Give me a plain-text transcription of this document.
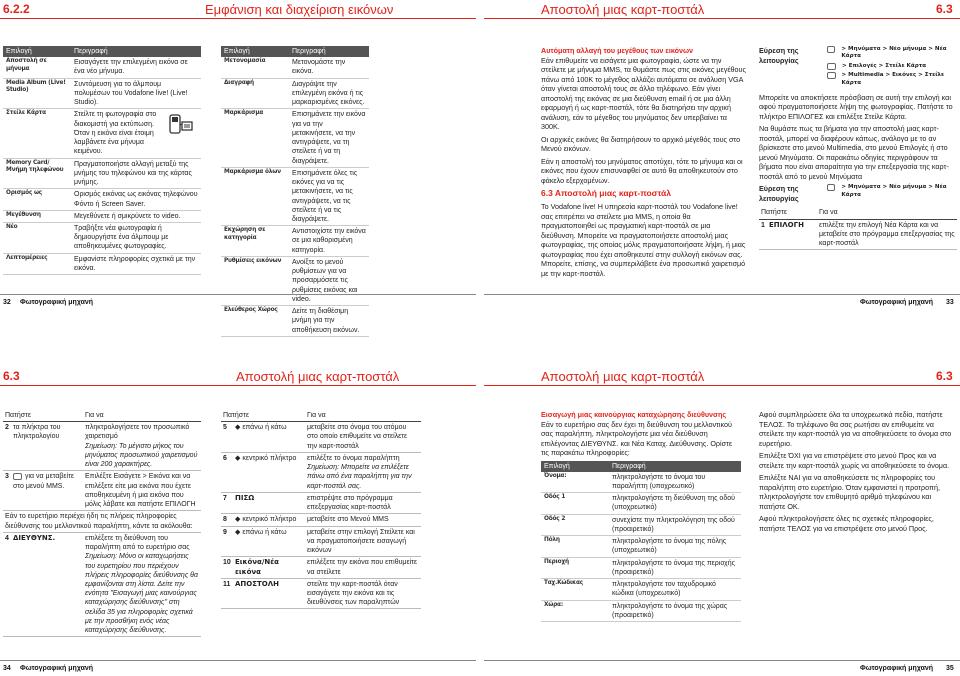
6.2.2	Εμφάνιση και διαχείριση εικόνων	Αποστολή μιας καρτ-ποστάλ	6.3
Επιλογή	Περιγραφή
Αποστολή σε μήνυμα	Εισαγάγετε την επιλεγμένη εικόνα σε ένα νέο μήνυμα.
Media Album (Live! Studio)	Συντόμευση για το άλμπουμ πολυμέσων του Vodafone live! (Live! Studio).
Στείλε Κάρτα	Στείλτε τη φωτογραφία στο διακομιστή για εκτύπωση. Όταν η εικόνα είναι έτοιμη λαμβάνετε ένα μήνυμα κειμένου.
Memory Card/Μνήμη τηλεφώνου	Πραγματοποιήστε αλλαγή μεταξύ της μνήμης του τηλεφώνου και της κάρτας μνήμης.
Ορισμός ως	Ορισμός εικόνας ως εικόνας τηλεφώνου Φόντο ή Screen Saver.
Μεγέθυνση	Μεγεθύνετε ή σμικρύνετε το video.
Νέο	Τραβήξτε νέα φωτογραφία ή δημιουργήστε ένα άλμπουμ με αποθηκευμένες φωτογραφίες.
Λεπτομέρειες	Εμφανίστε πληροφορίες σχετικά με την εικόνα.
Επιλογή	Περιγραφή
Μετονομασία	Μετονομάστε την εικόνα.
Διαγραφή	Διαγράψτε την επιλεγμένη εικόνα ή τις μαρκαρισμένες εικόνες.
Μαρκάρισμα	Επισημάνετε την εικόνα για να την μετακινήσετε, να την αντιγράψετε, να τη στείλετε ή να τη διαγράψετε.
Μαρκάρισμα όλων	Επισημάνετε όλες τις εικόνες για να τις μετακινήσετε, να τις αντιγράψετε, να τις στείλετε ή να τις διαγράψετε.
Εκχώρηση σε κατηγορία	Αντιστοιχίστε την εικόνα σε μια καθορισμένη κατηγορία.
Ρυθμίσεις εικόνων	Ανοίξτε το μενού ρυθμίσεων για να προσαρμόσετε τις ρυθμίσεις εικόνας και video.
Ελεύθερος Χώρος	Δείτε τη διαθέσιμη μνήμη για την αποθήκευση εικόνων.
Αυτόματη αλλαγή του μεγέθους των εικόνων
Εάν επιθυμείτε να εισάγετε μια φωτογραφία, ώστε να την στείλετε με μήνυμα MMS, τα θυμάστε πως στις εικόνες μεγέθους πάνω από 100K το μέγεθος αλλάζει αυτόματα σε ανάλυση VGA όταν γίνεται αποστολή τους σε άλλο τηλέφωνο. Εάν γίνει αποστολή της εικόνας σε μια διεύθυνση email ή σε μια άλλη εφαρμογή ή ως καρτ-ποστάλ, τότε θα διατηρήσει την αρχική ανάλυση, εάν το μέγεθος του μηνύματος δεν υπερβαίνει τα 300K.
Οι αρχικές εικόνες θα διατηρήσουν το αρχικό μέγεθός τους στο Μενού εικόνων.
Εάν η αποστολή του μηνύματος αποτύχει, τότε το μήνυμα και οι εικόνες που έχουν επισυναφθεί σε αυτό θα αποθηκευτούν στο φάκελο εξερχομένων.
6.3 Αποστολή μιας καρτ-ποστάλ
Το Vodafone live! Η υπηρεσία καρτ-ποστάλ του Vodafone live! σας επιτρέπει να στείλετε μια MMS, η οποία θα πραγματοποιηθεί ως πραγματική καρτ-ποστάλ σε μια διεύθυνση. Μπορείτε να πραγματοποιήσετε αποστολή μιας φωτογραφίας, της οποίας μόλις πραγματοποιήσατε λήψη, ή μιας φωτογραφίας που έχει αποθηκευτεί στην συλλογή εικόνων σας. Μπορείτε, επίσης, να συμπεριλάβετε ένα προσωπικό χαιρετισμό με την καρτ-ποστάλ.
Εύρεση της λειτουργίας
> Μηνύματα > Νέο μήνυμα > Νέα Κάρτα
> Επιλογές > Στείλε Κάρτα
> Multimedia > Εικόνες > Στείλε Κάρτα
Μπορείτε να αποκτήσετε πρόσβαση σε αυτή την επιλογή και αφού πραγματοποιήσετε λήψη της φωτογραφίας. Πατήστε το πλήκτρο ΕΠΙΛΟΓΕΣ και επιλέξτε Στείλε Κάρτα.
Να θυμάστε πως τα βήματα για την αποστολή μιας καρτ-ποστάλ, μπορεί να διαφέρουν κάπως, ανάλογα με το αν βρίσκεστε στο μενού Multimedia, στο μενού Επιλογές ή στο μενού Μηνύματα. Οι παρακάτω οδηγίες περιγράφουν τα βήματα που είναι απαραίτητα για την επεξεργασία της καρτ-ποστάλ από το μενού Μηνύματα
Εύρεση της λειτουργίας
> Μηνύματα > Νέο μήνυμα > Νέα Κάρτα
Πατήστε		Για να
1	ΕΠΙΛΟΓΗ	επιλέξτε την επιλογή Νέα Κάρτα και να μεταβείτε στο πρόγραμμα επεξεργασίας της καρτ-ποστάλ
32 Φωτογραφική μηχανή	Φωτογραφική μηχανή 33
6.3	Αποστολή μιας καρτ-ποστάλ	Αποστολή μιας καρτ-ποστάλ	6.3
Πατήστε		Για να
2	τα πλήκτρα του πληκτρολογίου	πληκτρολογήσετε τον προσωπικό χαιρετισμό
Σημείωση: Το μέγιστο μήκος του μηνύματος προσωπικού χαιρετισμού είναι 200 χαρακτήρες.

3	για να μεταβείτε στο μενού MMS.	Επιλέξτε Εισάγετε > Εικόνα και να επιλέξετε είτε μια εικόνα που έχετε αποθηκευμένη ή μια εικόνα που μόλις λάβατε και πατήστε ΕΠΙΛΟΓΗ
Εάν το ευρετήριο περιέχει ήδη τις πλήρεις πληροφορίες διεύθυνσης του μελλοντικού παραλήπτη, κάντε τα ακόλουθα:		
4	ΔΙΕΥΘΥΝΣ.	επιλέξετε τη διεύθυνση του παραλήπτη από το ευρετήριο σας
Σημείωση: Μόνο οι καταχωρήσεις του ευρετηρίου που περιέχουν πλήρεις πληροφορίες διεύθυνσης θα εμφανίζονται στη λίστα. Δείτε την ενότητα "Εισαγωγή μιας καινούργιας καταχώρησης διεύθυνσης" στη σελίδα 35 για πληροφορίες σχετικά με την προσθήκη ενός νέας καταχώρησης διεύθυνσης.
Πατήστε		Για να
5	◆ επάνω ή κάτω	μεταβείτε στο όνομα του ατόμου στο οποίο επιθυμείτε να στείλετε την καρτ-ποστάλ
6	◆ κεντρικό πλήκτρο	επιλέξτε το όνομα παραλήπτη
Σημείωση: Μπορείτε να επιλέξετε πάνω από ένα παραλήπτη για την καρτ-ποστάλ σας.

7	ΠΙΣΩ	επιστρέψτε στο πρόγραμμα επεξεργασίας καρτ-ποστάλ
8	◆ κεντρικό πλήκτρο	μεταβείτε στο Μενού MMS
9	◆ επάνω ή κάτω	μεταβείτε στην επιλογή Στείλετε και να πραγματοποιήσετε εισαγωγή εικόνων
10	Εικόνα/Νέα εικόνα	επιλέξετε την εικόνα που επιθυμείτε να στείλετε
11	ΑΠΟΣΤΟΛΗ	στείλτε την καρτ-ποστάλ όταν εισαγάγετε την εικόνα και τις διευθύνσεις των παραληπτών
Εισαγωγή μιας καινούργιας καταχώρησης διεύθυνσης
Εάν το ευρετήριο σας δεν έχει τη διεύθυνση του μελλοντικού σας παραλήπτη, πληκτρολογήστε μια νέα διεύθυνση επιλέγοντας ΔΙΕΥΘΥΝΣ. και Νέα Καταχ. Διεύθυνσης. Ορίστε τις παρακάτω πληροφορίες:
Επιλογή	Περιγραφή
Όνομα:	πληκτρολογήστε το όνομα του παραλήπτη (υποχρεωτικό)
Οδός 1	πληκτρολογήστε τη διεύθυνση της οδού (υποχρεωτικό)
Οδός 2	συνεχίστε την πληκτρολόγηση της οδού (προαιρετικό)
Πόλη	πληκτρολογήστε το όνομα της πόλης (υποχρεωτικό)
Περιοχή	πληκτρολογήστε το όνομα της περιοχής (προαιρετικό)
Ταχ.Κώδικας	πληκτρολογήστε τον ταχυδρομικό κώδικα (υποχρεωτικό)
Χώρα:	πληκτρολογήστε το όνομα της χώρας (προαιρετικό)
Αφού συμπληρώσετε όλα τα υποχρεωτικά πεδία, πατήστε ΤΕΛΟΣ. Το τηλέφωνο θα σας ρωτήσει αν επιθυμείτε να στείλετε την καρτ-ποστάλ για να αποθηκεύσετε το όνομα στο ευρετήριο.
Επιλέξτε ΌΧΙ για να επιστρέψετε στο μενού Προς και να στείλετε την καρτ-ποστάλ χωρίς να αποθηκεύσετε το όνομα.
Επιλέξτε ΝΑΙ για να αποθηκεύσετε τις πληροφορίες του παραλήπτη στο ευρετήριο. Όταν εμφανιστεί η προτροπή, πληκτρολογήστε τον επιθυμητό αριθμό τηλεφώνου και πατήστε ΟΚ.
Αφού πληκτρολογήσετε όλες τις σχετικές πληροφορίες, πατήστε ΤΕΛΟΣ για να επιστρέψετε στο μενού Προς.
34 Φωτογραφική μηχανή	Φωτογραφική μηχανή 35
